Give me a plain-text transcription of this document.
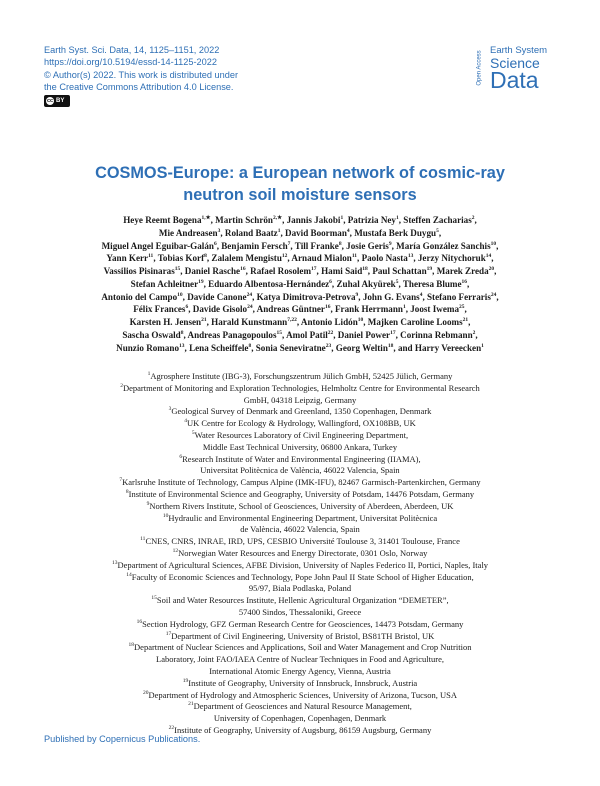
Earth Syst. Sci. Data, 14, 1125–1151, 2022
https://doi.org/10.5194/essd-14-1125-2022
© Author(s) 2022. This work is distributed under
the Creative Commons Attribution 4.0 License.
cc BY
Open Access Earth System
Science
Data
COSMOS-Europe: a European network of cosmic-ray
neutron soil moisture sensors
Heye Reemt Bogena$^{1,★}$, Martin Schrön$^{2,★}$, Jannis Jakobi$^1$, Patrizia Ney$^1$, Steffen Zacharias$^2$,
Mie Andreasen$^3$, Roland Baatz$^1$, David Boorman$^4$, Mustafa Berk Duygu$^5$,
Miguel Angel Eguibar-Galán$^6$, Benjamin Fersch$^7$, Till Franke$^8$, Josie Geris$^9$, María González Sanchis$^{10}$,
Yann Kerr$^{11}$, Tobias Korf$^8$, Zalalem Mengistu$^{12}$, Arnaud Mialon$^{11}$, Paolo Nasta$^{13}$, Jerzy Nitychoruk$^{14}$,
Vassilios Pisinaras$^{15}$, Daniel Rasche$^{16}$, Rafael Rosolem$^{17}$, Hami Said$^{18}$, Paul Schattan$^{19}$, Marek Zreda$^{20}$,
Stefan Achleitner$^{19}$, Eduardo Albentosa-Hernández$^6$, Zuhal Akyürek$^5$, Theresa Blume$^{16}$,
Antonio del Campo$^{10}$, Davide Canone$^{24}$, Katya Dimitrova-Petrova$^9$, John G. Evans$^4$, Stefano Ferraris$^{24}$,
Félix Frances$^6$, Davide Gisolo$^{24}$, Andreas Güntner$^{16}$, Frank Herrmann$^1$, Joost Iwema$^{25}$,
Karsten H. Jensen$^{21}$, Harald Kunstmann$^{7,22}$, Antonio Lidón$^{10}$, Majken Caroline Looms$^{21}$,
Sascha Oswald$^8$, Andreas Panagopoulos$^{15}$, Amol Patil$^{22}$, Daniel Power$^{17}$, Corinna Rebmann$^2$,
Nunzio Romano$^{13}$, Lena Scheiffele$^8$, Sonia Seneviratne$^{23}$, Georg Weltin$^{18}$, and Harry Vereecken$^1$
$^1$Agrosphere Institute (IBG-3), Forschungszentrum Jülich GmbH, 52425 Jülich, Germany
$^2$Department of Monitoring and Exploration Technologies, Helmholtz Centre for Environmental Research
GmbH, 04318 Leipzig, Germany
$^3$Geological Survey of Denmark and Greenland, 1350 Copenhagen, Denmark
$^4$UK Centre for Ecology & Hydrology, Wallingford, OX108BB, UK
$^5$Water Resources Laboratory of Civil Engineering Department,
Middle East Technical University, 06800 Ankara, Turkey
$^6$Research Institute of Water and Environmental Engineering (IIAMA),
Universitat Politècnica de València, 46022 Valencia, Spain
$^7$Karlsruhe Institute of Technology, Campus Alpine (IMK-IFU), 82467 Garmisch-Partenkirchen, Germany
$^8$Institute of Environmental Science and Geography, University of Potsdam, 14476 Potsdam, Germany
$^9$Northern Rivers Institute, School of Geosciences, University of Aberdeen, Aberdeen, UK
$^{10}$Hydraulic and Environmental Engineering Department, Universitat Politècnica
de València, 46022 Valencia, Spain
$^{11}$CNES, CNRS, INRAE, IRD, UPS, CESBIO Université Toulouse 3, 31401 Toulouse, France
$^{12}$Norwegian Water Resources and Energy Directorate, 0301 Oslo, Norway
$^{13}$Department of Agricultural Sciences, AFBE Division, University of Naples Federico II, Portici, Naples, Italy
$^{14}$Faculty of Economic Sciences and Technology, Pope John Paul II State School of Higher Education,
95/97, Biala Podlaska, Poland
$^{15}$Soil and Water Resources Institute, Hellenic Agricultural Organization “DEMETER”,
57400 Sindos, Thessaloniki, Greece
$^{16}$Section Hydrology, GFZ German Research Centre for Geosciences, 14473 Potsdam, Germany
$^{17}$Department of Civil Engineering, University of Bristol, BS81TH Bristol, UK
$^{18}$Department of Nuclear Sciences and Applications, Soil and Water Management and Crop Nutrition
Laboratory, Joint FAO/IAEA Centre of Nuclear Techniques in Food and Agriculture,
International Atomic Energy Agency, Vienna, Austria
$^{19}$Institute of Geography, University of Innsbruck, Innsbruck, Austria
$^{20}$Department of Hydrology and Atmospheric Sciences, University of Arizona, Tucson, USA
$^{21}$Department of Geosciences and Natural Resource Management,
University of Copenhagen, Copenhagen, Denmark
$^{22}$Institute of Geography, University of Augsburg, 86159 Augsburg, Germany
Published by Copernicus Publications.
